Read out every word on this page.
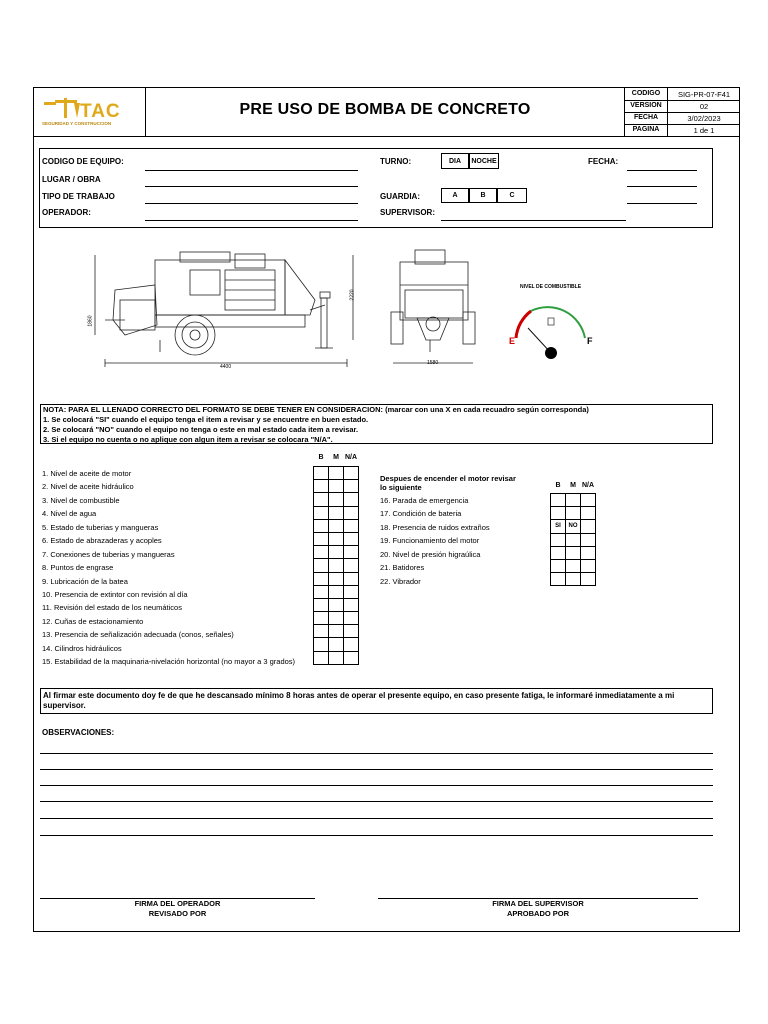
TAC
SEGURIDAD Y CONSTRUCCION
PRE USO DE BOMBA DE CONCRETO
CODIGO	SIG-PR-07-F41
VERSION	02
FECHA	3/02/2023
PAGINA	1 de 1
CODIGO DE EQUIPO:
LUGAR / OBRA
TIPO DE TRABAJO
OPERADOR:
TURNO:	DIA	NOCHE	FECHA:
GUARDIA:	A	B	C
SUPERVISOR:
2220
1860
4400
1580
NIVEL DE COMBUSTIBLE
E	F
NOTA: PARA EL LLENADO CORRECTO DEL FORMATO SE DEBE TENER EN CONSIDERACION: (marcar con una X en cada recuadro según corresponda)
1. Se colocará "SI" cuando el equipo tenga el item a revisar y se encuentre en buen estado.
2. Se colocará "NO" cuando el equipo no tenga o este en mal estado cada item a revisar.
3. Si el equipo no cuenta o no aplique con algun item a revisar se colocara "N/A".
B	M N/A
1. Nivel de aceite de motor
2. Nivel de aceite hidráulico
3. Nivel de combustible
4. Nivel de agua
5. Estado de tuberias y mangueras
6. Estado de abrazaderas y acoples
7. Conexiones de tuberias y mangueras
8. Puntos de engrase
9. Lubricación de la batea
10. Presencia de extintor con revisión al día
11. Revisión del estado de los neumáticos
12. Cuñas de estacionamiento
13. Presencia de señalización adecuada (conos, señales)
14. Cilindros hidráulicos
15. Estabilidad de la maquinaria-nivelación horizontal (no mayor a 3 grados)

Despues de encender el motor revisar
lo siguiente	B	M N/A
16. Parada de emergencia
17. Condición de bateria
18. Presencia de ruidos extraños
19. Funcionamiento del motor
20. Nivel de presión higraúlica
21. Batidores
22. Vibrador

SI	NO	

Al firmar este documento doy fe de que he descansado mínimo 8 horas antes de operar el presente equipo, en caso presente fatiga, le informaré inmediatamente a mi supervisor.
OBSERVACIONES:
FIRMA DEL OPERADOR
REVISADO POR
FIRMA DEL SUPERVISOR
APROBADO POR
